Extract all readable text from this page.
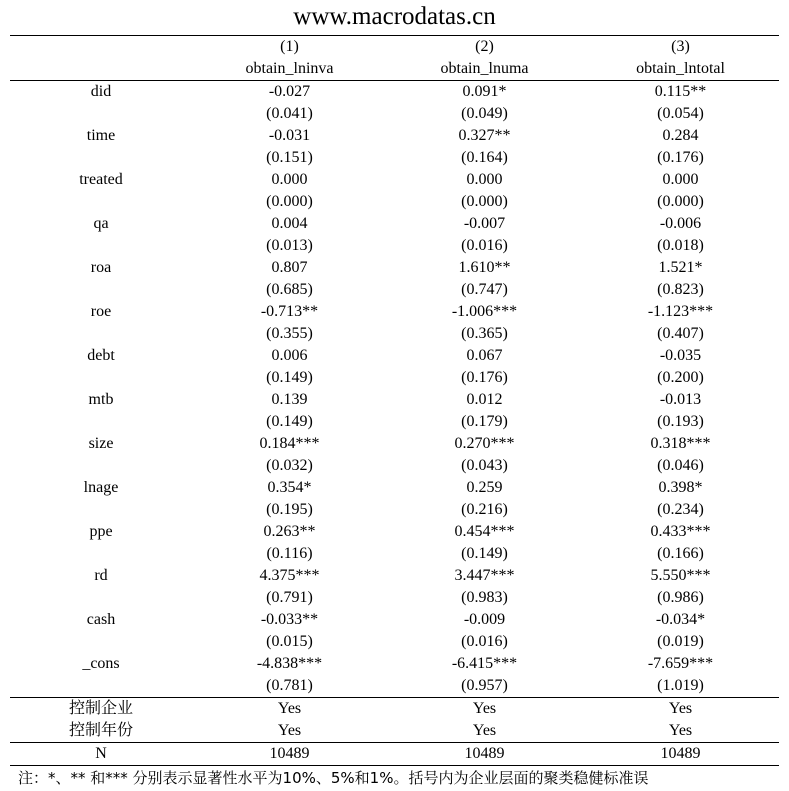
www.macrodatas.cn
	(1)	(2)	(3)
	obtain_lninva	obtain_lnuma	obtain_lntotal
did	-0.027	0.091*	0.115**
	(0.041)	(0.049)	(0.054)
time	-0.031	0.327**	0.284
	(0.151)	(0.164)	(0.176)
treated	0.000	0.000	0.000
	(0.000)	(0.000)	(0.000)
qa	0.004	-0.007	-0.006
	(0.013)	(0.016)	(0.018)
roa	0.807	1.610**	1.521*
	(0.685)	(0.747)	(0.823)
roe	-0.713**	-1.006***	-1.123***
	(0.355)	(0.365)	(0.407)
debt	0.006	0.067	-0.035
	(0.149)	(0.176)	(0.200)
mtb	0.139	0.012	-0.013
	(0.149)	(0.179)	(0.193)
size	0.184***	0.270***	0.318***
	(0.032)	(0.043)	(0.046)
lnage	0.354*	0.259	0.398*
	(0.195)	(0.216)	(0.234)
ppe	0.263**	0.454***	0.433***
	(0.116)	(0.149)	(0.166)
rd	4.375***	3.447***	5.550***
	(0.791)	(0.983)	(0.986)
cash	-0.033**	-0.009	-0.034*
	(0.015)	(0.016)	(0.019)
_cons	-4.838***	-6.415***	-7.659***
	(0.781)	(0.957)	(1.019)
控制企业	Yes	Yes	Yes
控制年份	Yes	Yes	Yes
N	10489	10489	10489
注：*、** 和*** 分别表示显著性水平为10%、5%和1%。括号内为企业层面的聚类稳健标准误
